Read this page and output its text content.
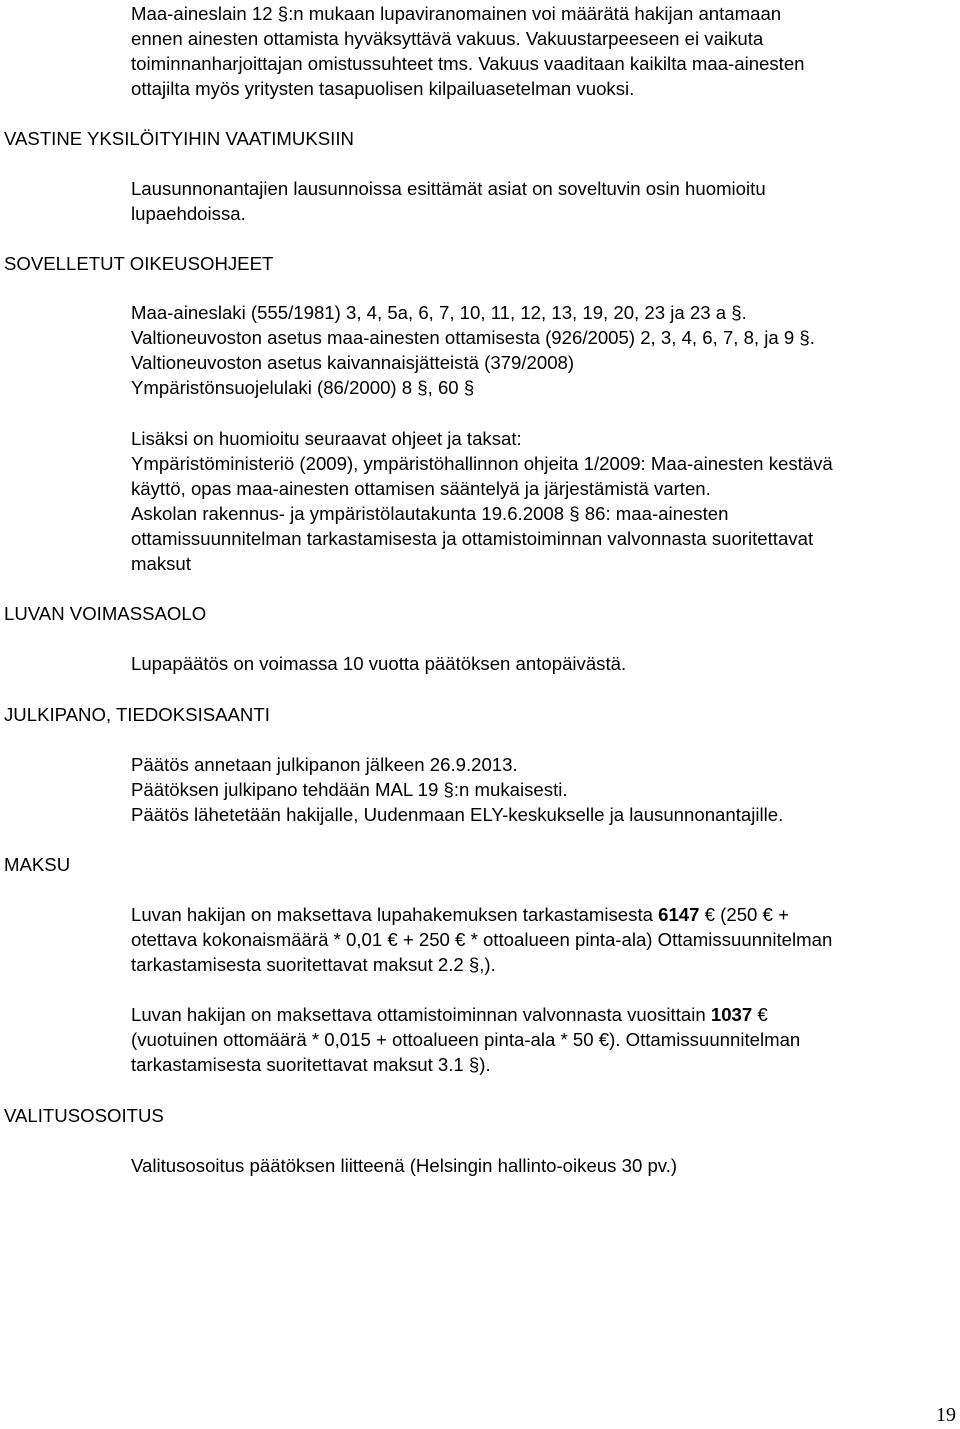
Maa-aineslain 12 §:n mukaan lupaviranomainen voi määrätä hakijan antamaan
ennen ainesten ottamista hyväksyttävä vakuus. Vakuustarpeeseen ei vaikuta
toiminnanharjoittajan omistussuhteet tms. Vakuus vaaditaan kaikilta maa-ainesten
ottajilta myös yritysten tasapuolisen kilpailuasetelman vuoksi.
VASTINE YKSILÖITYIHIN VAATIMUKSIIN
Lausunnonantajien lausunnoissa esittämät asiat on soveltuvin osin huomioitu
lupaehdoissa.
SOVELLETUT OIKEUSOHJEET
Maa-aineslaki (555/1981) 3, 4, 5a, 6, 7, 10, 11, 12, 13, 19, 20, 23 ja 23 a §.
Valtioneuvoston asetus maa-ainesten ottamisesta (926/2005) 2, 3, 4, 6, 7, 8, ja 9 §.
Valtioneuvoston asetus kaivannaisjätteistä (379/2008)
Ympäristönsuojelulaki (86/2000) 8 §, 60 §
Lisäksi on huomioitu seuraavat ohjeet ja taksat:
Ympäristöministeriö (2009), ympäristöhallinnon ohjeita 1/2009: Maa-ainesten kestävä
käyttö, opas maa-ainesten ottamisen sääntelyä ja järjestämistä varten.
Askolan rakennus- ja ympäristölautakunta 19.6.2008 § 86: maa-ainesten
ottamissuunnitelman tarkastamisesta ja ottamistoiminnan valvonnasta suoritettavat
maksut
LUVAN VOIMASSAOLO
Lupapäätös on voimassa 10 vuotta päätöksen antopäivästä.
JULKIPANO, TIEDOKSISAANTI
Päätös annetaan julkipanon jälkeen 26.9.2013.
Päätöksen julkipano tehdään MAL 19 §:n mukaisesti.
Päätös lähetetään hakijalle, Uudenmaan ELY-keskukselle ja lausunnonantajille.
MAKSU
Luvan hakijan on maksettava lupahakemuksen tarkastamisesta 6147 € (250 € +
otettava kokonaismäärä * 0,01 € + 250 € * ottoalueen pinta-ala) Ottamissuunnitelman
tarkastamisesta suoritettavat maksut 2.2 §,).
Luvan hakijan on maksettava ottamistoiminnan valvonnasta vuosittain 1037 €
(vuotuinen ottomäärä * 0,015 + ottoalueen pinta-ala * 50 €). Ottamissuunnitelman
tarkastamisesta suoritettavat maksut 3.1 §).
VALITUSOSOITUS
Valitusosoitus päätöksen liitteenä (Helsingin hallinto-oikeus 30 pv.)
19
